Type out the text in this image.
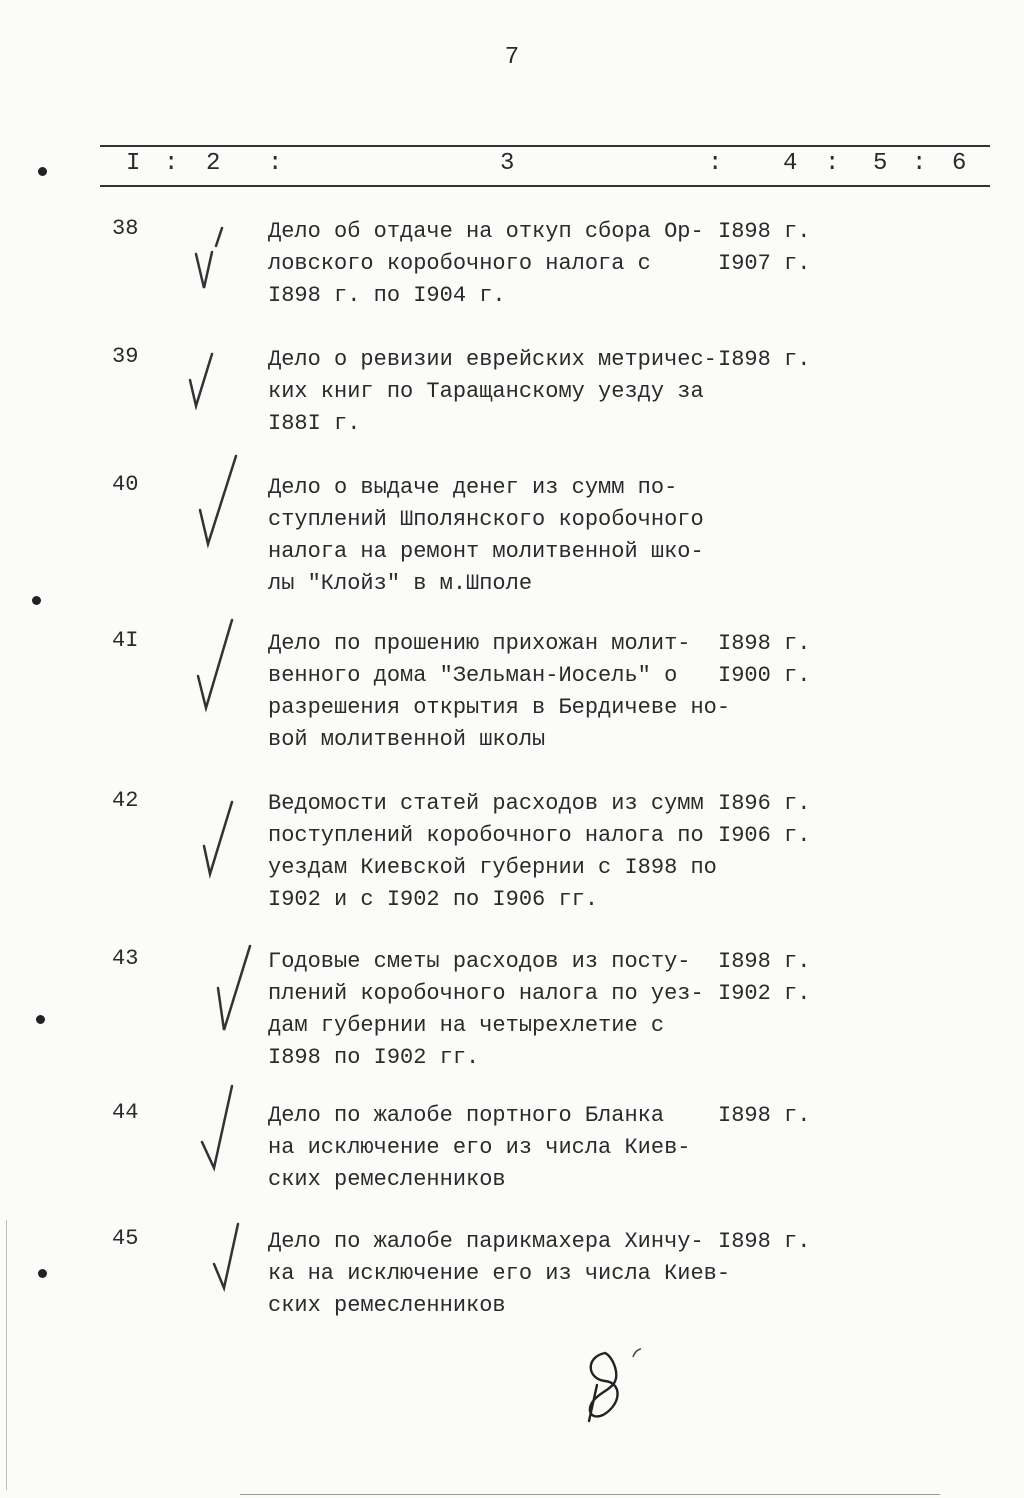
7
I : 2 :	3	:	4 : 5 : 6
38	Дело об отдаче на откуп сбора Ор-
ловского коробочного налога с
I898 г. по I904 г.
I898 г.
I907 г.
39	Дело о ревизии еврейских метричес-
ких книг по Таращанскому уезду за
I88I г.
I898 г.
40	Дело о выдаче денег из сумм по-
ступлений Шполянского коробочного
налога на ремонт молитвенной шко-
лы "Клойз" в м.Шполе
4I	Дело по прошению прихожан молит-
венного дома "Зельман-Иосель" о
разрешения открытия в Бердичеве но-
вой молитвенной школы
I898 г.
I900 г.
42	Ведомости статей расходов из сумм
поступлений коробочного налога по
уездам Киевской губернии с I898 по
I902 и с I902 по I906 гг.
I896 г.
I906 г.
43	Годовые сметы расходов из посту-
плений коробочного налога по уез-
дам губернии на четырехлетие с
I898 по I902 гг.
I898 г.
I902 г.
44	Дело по жалобе портного Бланка
на исключение его из числа Киев-
ских ремесленников
I898 г.
45	Дело по жалобе парикмахера Хинчу-
ка на исключение его из числа Киев-
ских ремесленников
I898 г.
